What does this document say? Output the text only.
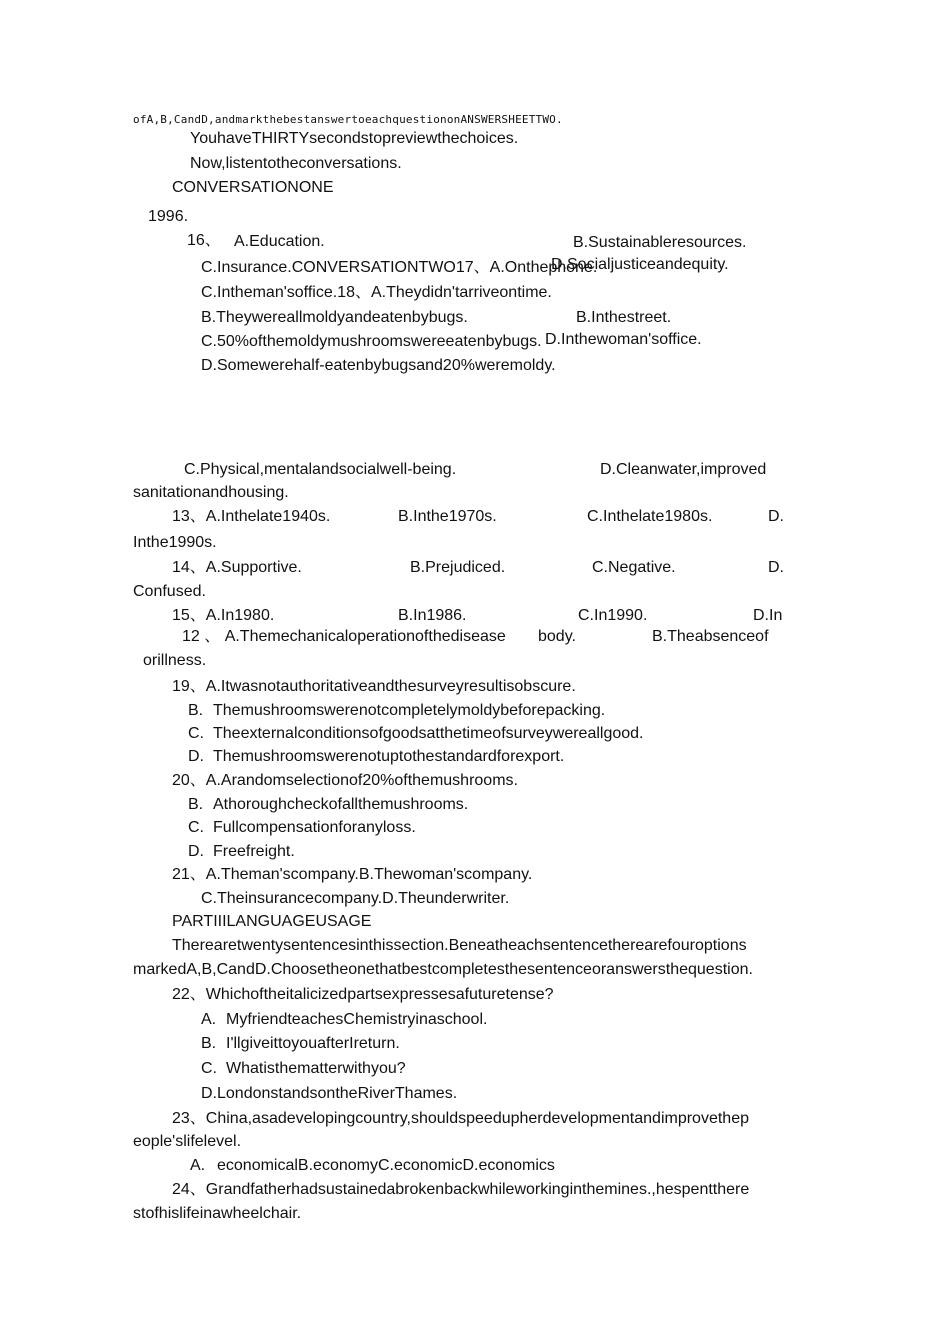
ofA,B,CandD,andmarkthebestanswertoeachquestiononANSWERSHEETTWO.
YouhaveTHIRTYsecondstopreviewthechoices.
Now,listentotheconversations.
CONVERSATIONONE
1996.
16、 A.Education.	B.Sustainableresources.
D.Socialjusticeandequity.
C.Insurance.CONVERSATIONTWO17、A.Onthephone.
C.Intheman'soffice.18、A.Theydidn'tarriveontime.
B.Theywereallmoldyandeatenbybugs.	B.Inthestreet.
D.Inthewoman'soffice.
C.50%ofthemoldymushroomswereeatenbybugs.
D.Somewerehalf-eatenbybugsand20%weremoldy.
C.Physical,mentalandsocialwell-being.	D.Cleanwater,improved
sanitationandhousing.
13、A.Inthelate1940s.	B.Inthe1970s.	C.Inthelate1980s.	D.
Inthe1990s.
14、A.Supportive.	B.Prejudiced.	C.Negative.	D.
Confused.
15、A.In1980.	B.In1986.	C.In1990.	D.In
12 、 A.Themechanicaloperationofthedisease body.	B.Theabsenceof
orillness.
19、A.Itwasnotauthoritativeandthesurveyresultisobscure.
B. Themushroomswerenotcompletelymoldybeforepacking.
C. Theexternalconditionsofgoodsatthetimeofsurveywereallgood.
D. Themushroomswerenotuptothestandardforexport.
20、A.Arandomselectionof20%ofthemushrooms.
B. Athoroughcheckofallthemushrooms.
C. Fullcompensationforanyloss.
D. Freefreight.
21、A.Theman'scompany.B.Thewoman'scompany.
C.Theinsurancecompany.D.Theunderwriter.
PARTIIILANGUAGEUSAGE
Therearetwentysentencesinthissection.Beneatheachsentencetherearefouroptions
markedA,B,CandD.Choosetheonethatbestcompletesthesentenceoranswersthequestion.
22、Whichoftheitalicizedpartsexpressesafuturetense?
A. MyfriendteachesChemistryinaschool.
B. I'llgiveittoyouafterIreturn.
C. Whatisthematterwithyou?
D.LondonstandsontheRiverThames.
23、China,asadevelopingcountry,shouldspeedupherdevelopmentandimprovethep
eople'slifelevel.
A. economicalB.economyC.economicD.economics
24、Grandfatherhadsustainedabrokenbackwhileworkinginthemines.,hespentthere
stofhislifeinawheelchair.
